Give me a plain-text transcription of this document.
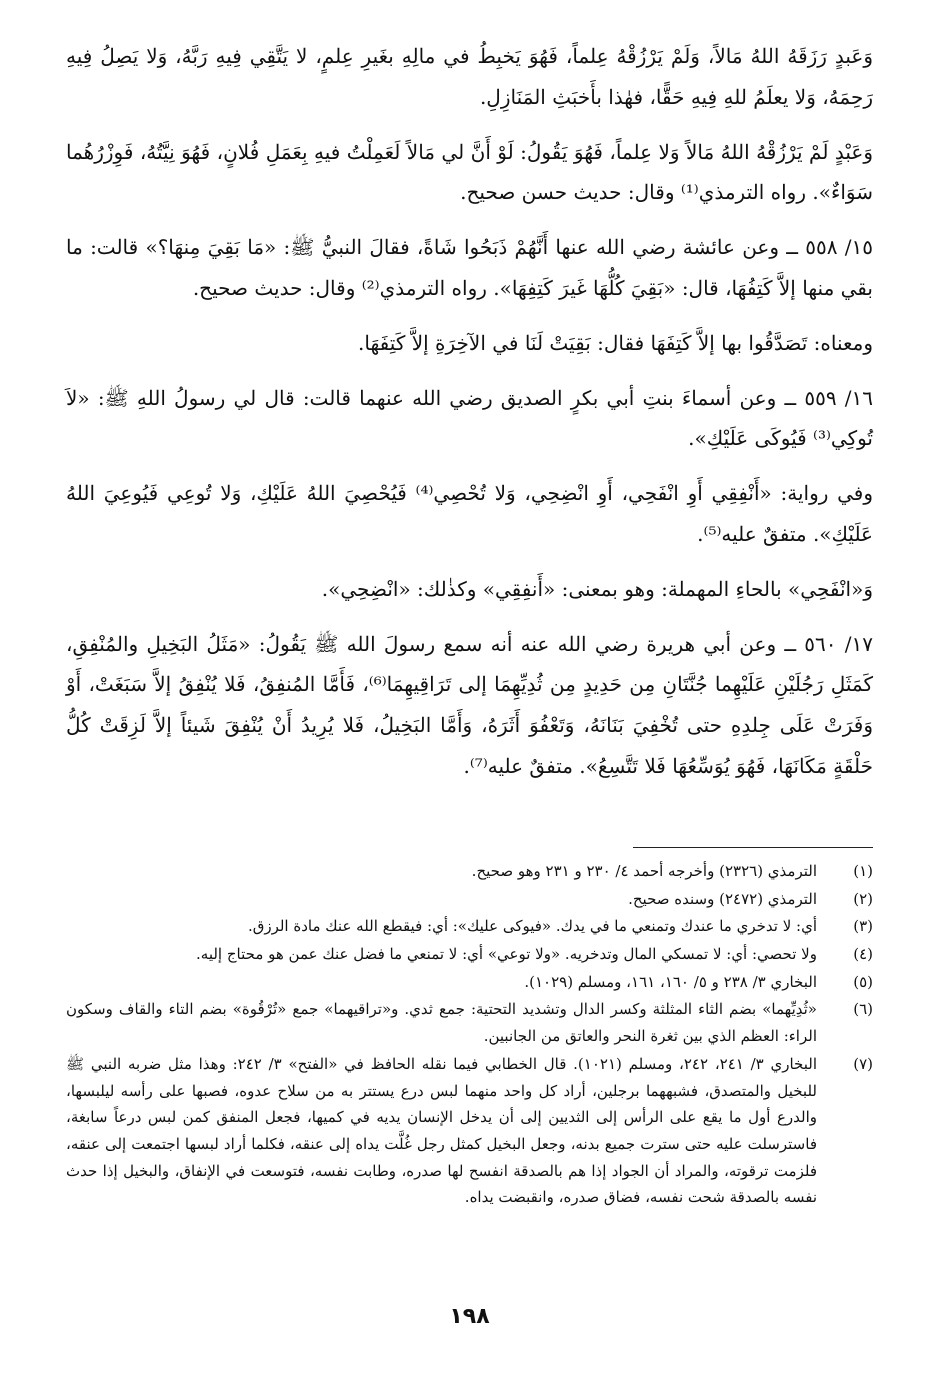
وَعَبدٍ رَزَقَهُ اللهُ مَالاً، وَلَمْ يَرْزُقْهُ عِلماً، فَهُوَ يَخبِطُ في مالِهِ بغَيرِ عِلمٍ، لا يَتَّقِي فِيهِ رَبَّهُ، وَلا يَصِلُ فِيهِ رَحِمَهُ، وَلا يعلَمُ للهِ فِيهِ حَقًّا، فهٰذا بأَخبَثِ المَنَازِلِ.

وَعَبْدٍ لَمْ يَرْزُقْهُ اللهُ مَالاً وَلا عِلماً، فَهُوَ يَقُولُ: لَوْ أَنَّ لي مَالاً لَعَمِلْتُ فيهِ بِعَمَلِ فُلانٍ، فَهُوَ نِيَّتُهُ، فَوِزْرُهُما سَوَاءٌ». رواه الترمذي⁽¹⁾ وقال: حديث حسن صحيح.

١٥/ ٥٥٨ ــ وعن عائشة رضي الله عنها أَنَّهُمْ ذَبَحُوا شَاةً، فقالَ النبيُّ ﷺ: «مَا بَقِيَ مِنهَا؟» قالت: ما بقي منها إلاَّ كَتِفُهَا، قال: «بَقِيَ كُلُّهَا غَيرَ كَتِفِهَا». رواه الترمذي⁽²⁾ وقال: حديث صحيح.

ومعناه: تَصَدَّقُوا بها إلاَّ كَتِفَهَا فقال: بَقِيَتْ لَنَا في الآخِرَةِ إلاَّ كَتِفَهَا.

١٦/ ٥٥٩ ــ وعن أسماءَ بنتِ أبي بكرٍ الصديق رضي الله عنهما قالت: قال لي رسولُ اللهِ ﷺ: «لاَ تُوكِي⁽³⁾ فَيُوكَى عَلَيْكِ».

وفي رواية: «أَنْفِقِي أَوِ انْفَحِي، أَوِ انْضِحِي، وَلا تُحْصِي⁽⁴⁾ فَيُحْصِيَ اللهُ عَلَيْكِ، وَلا تُوعِي فَيُوعِيَ اللهُ عَلَيْكِ». متفقٌ عليه⁽⁵⁾.

وَ«انْفَحِي» بالحاءِ المهملة: وهو بمعنى: «أَنفِقِي» وكذٰلك: «انْضِحِي».

١٧/ ٥٦٠ ــ وعن أبي هريرة رضي الله عنه أنه سمع رسولَ الله ﷺ يَقُولُ: «مَثَلُ البَخِيلِ والمُنْفِقِ، كَمَثَلِ رَجُلَيْنِ عَلَيْهِما جُنَّتَانِ مِن حَدِيدٍ مِن ثُدِيِّهِمَا إلى تَرَاقِيهِمَا⁽⁶⁾، فَأَمَّا المُنفِقُ، فَلا يُنْفِقُ إلاَّ سَبَغَتْ، أَوْ وَفَرَتْ عَلَى جِلدِهِ حتى تُخْفِيَ بَنَانَهُ، وَتَعْفُوَ أَثَرَهُ، وَأَمَّا البَخِيلُ، فَلا يُرِيدُ أَنْ يُنْفِقَ شَيئاً إلاَّ لَزِقَتْ كُلُّ حَلْقَةٍ مَكَانَهَا، فَهُوَ يُوَسِّعُهَا فَلا تَتَّسِعُ». متفقٌ عليه⁽⁷⁾.

(١)
الترمذي (٢٣٢٦) وأخرجه أحمد ٤/ ٢٣٠ و ٢٣١ وهو صحيح.
(٢)
الترمذي (٢٤٧٢) وسنده صحيح.
(٣)
أي: لا تدخري ما عندك وتمنعي ما في يدك. «فيوكى عليك»: أي: فيقطع الله عنك مادة الرزق.
(٤)
ولا تحصي: أي: لا تمسكي المال وتدخريه. «ولا توعي» أي: لا تمنعي ما فضل عنك عمن هو محتاج إليه.
(٥)
البخاري ٣/ ٢٣٨ و ٥/ ١٦٠، ١٦١، ومسلم (١٠٢٩).
(٦)
«ثُدِيِّهما» بضم الثاء المثلثة وكسر الدال وتشديد التحتية: جمع ثدي. و«تراقيهما» جمع «تُرْقُوة» بضم التاء والقاف وسكون الراء: العظم الذي بين ثغرة النحر والعاتق من الجانبين.
(٧)
البخاري ٣/ ٢٤١، ٢٤٢، ومسلم (١٠٢١). قال الخطابي فيما نقله الحافظ في «الفتح» ٣/ ٢٤٢: وهذا مثل ضربه النبي ﷺ للبخيل والمتصدق، فشبههما برجلين، أراد كل واحد منهما لبس درع يستتر به من سلاح عدوه، فصبها على رأسه ليلبسها، والدرع أول ما يقع على الرأس إلى الثديين إلى أن يدخل الإنسان يديه في كميها، فجعل المنفق كمن لبس درعاً سابغة، فاسترسلت عليه حتى سترت جميع بدنه، وجعل البخيل كمثل رجل غُلَّت يداه إلى عنقه، فكلما أراد لبسها اجتمعت إلى عنقه، فلزمت ترقوته، والمراد أن الجواد إذا هم بالصدقة انفسح لها صدره، وطابت نفسه، فتوسعت في الإنفاق، والبخيل إذا حدث نفسه بالصدقة شحت نفسه، فضاق صدره، وانقبضت يداه.
١٩٨
